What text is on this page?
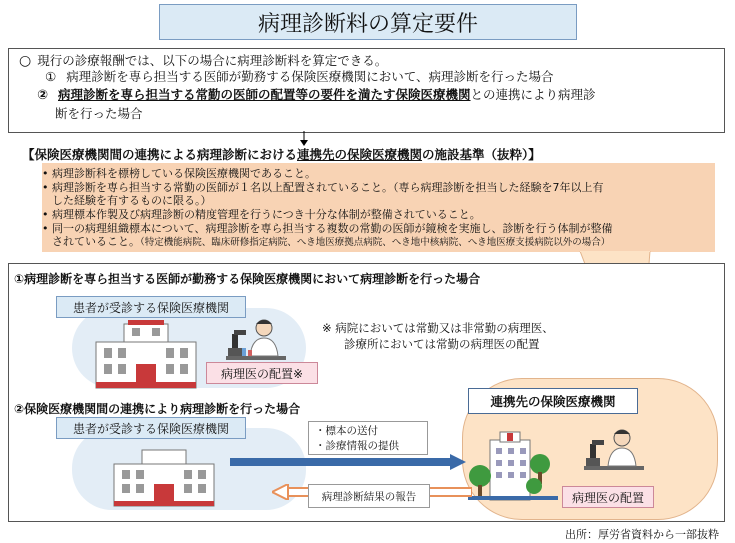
病理診断料の算定要件
○ 現行の診療報酬では、以下の場合に病理診断料を算定できる。
① 病理診断を専ら担当する医師が勤務する保険医療機関において、病理診断を行った場合
② 病理診断を専ら担当する常勤の医師の配置等の要件を満たす保険医療機関との連携により病理診
断を行った場合
【保険医療機関間の連携による病理診断における連携先の保険医療機関の施設基準（抜粋）】
• 病理診断科を標榜している保険医療機関であること。
• 病理診断を専ら担当する常勤の医師が１名以上配置されていること。（専ら病理診断を担当した経験を7年以上有
した経験を有するものに限る。）
• 病理標本作製及び病理診断の精度管理を行うにつき十分な体制が整備されていること。
• 同一の病理組織標本について、病理診断を専ら担当する複数の常勤の医師が鏡検を実施し、診断を行う体制が整備
されていること。（特定機能病院、臨床研修指定病院、へき地医療拠点病院、へき地中核病院、へき地医療支援病院以外の場合）
①病理診断を専ら担当する医師が勤務する保険医療機関において病理診断を行った場合
患者が受診する保険医療機関
病理医の配置※
※ 病院においては常勤又は非常勤の病理医、
診療所においては常勤の病理医の配置
②保険医療機関間の連携により病理診断を行った場合
患者が受診する保険医療機関
連携先の保険医療機関
病理医の配置
・標本の送付
・診療情報の提供
病理診断結果の報告
出所：厚労省資料から一部抜粋
